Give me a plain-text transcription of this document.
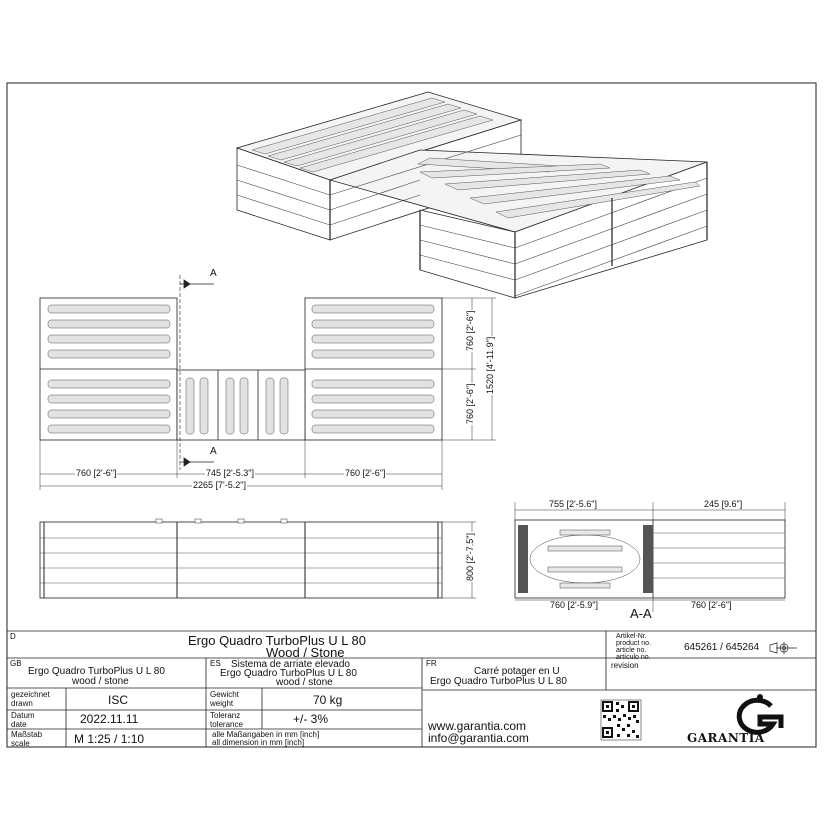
A
A
A-A
760 [2'-6"]	745 [2'-5.3"]	760 [2'-6"]
2265 [7'-5.2"]
760 [2'-6"]
760 [2'-6"]
1520 [4'-11.9"]
800 [2'-7.5"]
755 [2'-5.6"]	245 [9.6"]
760 [2'-5.9"]	760 [2'-6"]
D	Ergo Quadro TurboPlus U L 80
Wood / Stone
Artikel-Nr.
product no.
article no.
artículo no.
645261 / 645264
GB
Ergo Quadro TurboPlus U L 80
wood / stone
ES Sistema de arriate elevado
Ergo Quadro TurboPlus U L 80
wood / stone
FR
Carré potager en U
Ergo Quadro TurboPlus U L 80
revision
gezeichnet
drawn	ISC
Datum
date	2022.11.11
Maßstab
scale	M 1:25 / 1:10
Gewicht
weight	70 kg
Toleranz
tolerance	+/- 3%
alle Maßangaben in mm [inch]
all dimension in mm [inch]
www.garantia.com
info@garantia.com	GARANTIA
